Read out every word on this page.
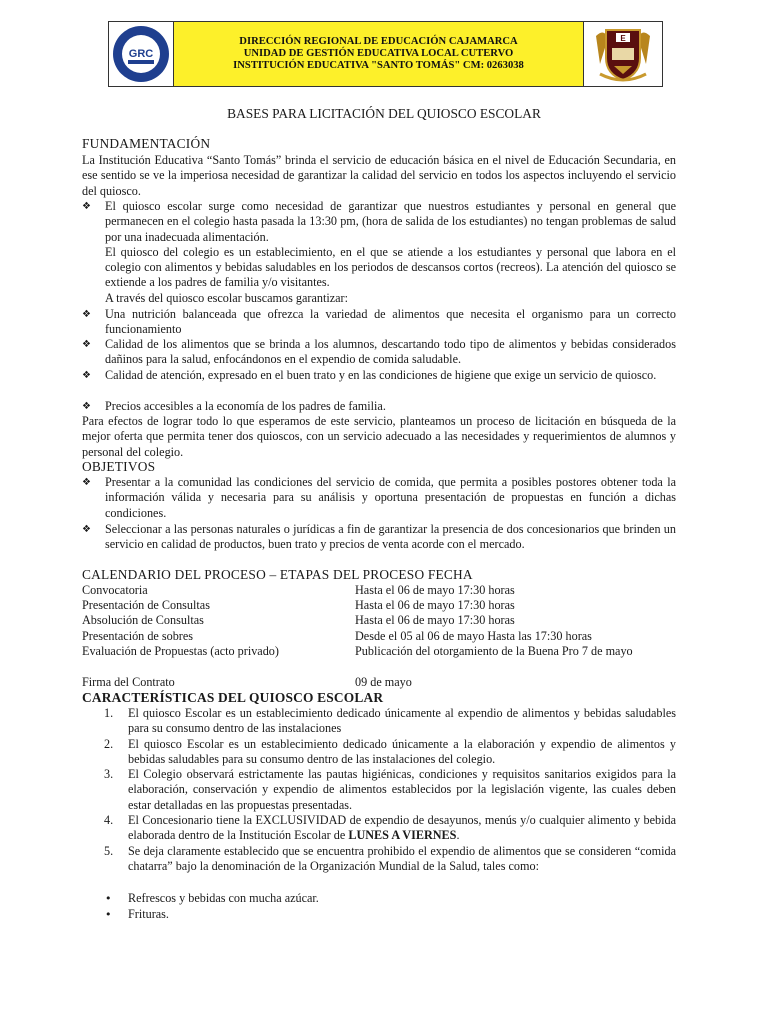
GRC
DIRECCIÓN REGIONAL DE EDUCACIÓN CAJAMARCA
UNIDAD DE GESTIÓN EDUCATIVA LOCAL CUTERVO
INSTITUCIÓN EDUCATIVA "SANTO TOMÁS" CM: 0263038
E
BASES PARA LICITACIÓN DEL QUIOSCO ESCOLAR
FUNDAMENTACIÓN
La Institución Educativa “Santo Tomás” brinda el servicio de educación básica en el nivel de Educación Secundaria, en ese sentido se ve la imperiosa necesidad de garantizar la calidad del servicio en todos los aspectos incluyendo el servicio del quiosco.
❖	El quiosco escolar surge como necesidad de garantizar que nuestros estudiantes y personal en general que permanecen en el colegio hasta pasada la 13:30 pm, (hora de salida de los estudiantes) no tengan problemas de salud por una inadecuada alimentación.

El quiosco del colegio es un establecimiento, en el que se atiende a los estudiantes y personal que labora en el colegio con alimentos y bebidas saludables en los periodos de descansos cortos (recreos). La atención del quiosco se extiende a los padres de familia y/o visitantes.

A través del quiosco escolar buscamos garantizar:

❖	Una nutrición balanceada que ofrezca la variedad de alimentos que necesita el organismo para un correcto funcionamiento
❖	Calidad de los alimentos que se brinda a los alumnos, descartando todo tipo de alimentos y bebidas considerados dañinos para la salud, enfocándonos en el expendio de comida saludable.
❖	Calidad de atención, expresado en el buen trato y en las condiciones de higiene que exige un servicio de quiosco.
❖	Precios accesibles a la economía de los padres de familia.
Para efectos de lograr todo lo que esperamos de este servicio, planteamos un proceso de licitación en búsqueda de la mejor oferta que permita tener dos quioscos, con un servicio adecuado a las necesidades y requerimientos de alumnos y personal del colegio.
OBJETIVOS
❖	Presentar a la comunidad las condiciones del servicio de comida, que permita a posibles postores obtener toda la información válida y necesaria para su análisis y oportuna presentación de propuestas en función a dichas condiciones.
❖	Seleccionar a las personas naturales o jurídicas a fin de garantizar la presencia de dos concesionarios que brinden un servicio en calidad de productos, buen trato y precios de venta acorde con el mercado.
CALENDARIO DEL PROCESO – ETAPAS DEL PROCESO FECHA
Convocatoria	Hasta el 06 de mayo 17:30 horas
Presentación de Consultas	Hasta el 06 de mayo 17:30 horas
Absolución de Consultas	Hasta el 06 de mayo 17:30 horas
Presentación de sobres	Desde el 05 al 06 de mayo Hasta las 17:30 horas
Evaluación de Propuestas (acto privado)	Publicación del otorgamiento de la Buena Pro 7 de mayo
Firma del Contrato	09 de mayo
CARACTERÍSTICAS DEL QUIOSCO ESCOLAR
1.	El quiosco Escolar es un establecimiento dedicado únicamente al expendio de alimentos y bebidas saludables para su consumo dentro de las instalaciones
2.	El quiosco Escolar es un establecimiento dedicado únicamente a la elaboración y expendio de alimentos y bebidas saludables para su consumo dentro de las instalaciones del colegio.
3.	El Colegio observará estrictamente las pautas higiénicas, condiciones y requisitos sanitarios exigidos para la elaboración, conservación y expendio de alimentos establecidos por la legislación vigente, las cuales deben estar detalladas en las propuestas presentadas.
4.	El Concesionario tiene la EXCLUSIVIDAD de expendio de desayunos, menús y/o cualquier alimento y bebida elaborada dentro de la Institución Escolar de LUNES A VIERNES.
5.	Se deja claramente establecido que se encuentra prohibido el expendio de alimentos que se consideren “comida chatarra” bajo la denominación de la Organización Mundial de la Salud, tales como:
• Refrescos y bebidas con mucha azúcar.
• Frituras.
